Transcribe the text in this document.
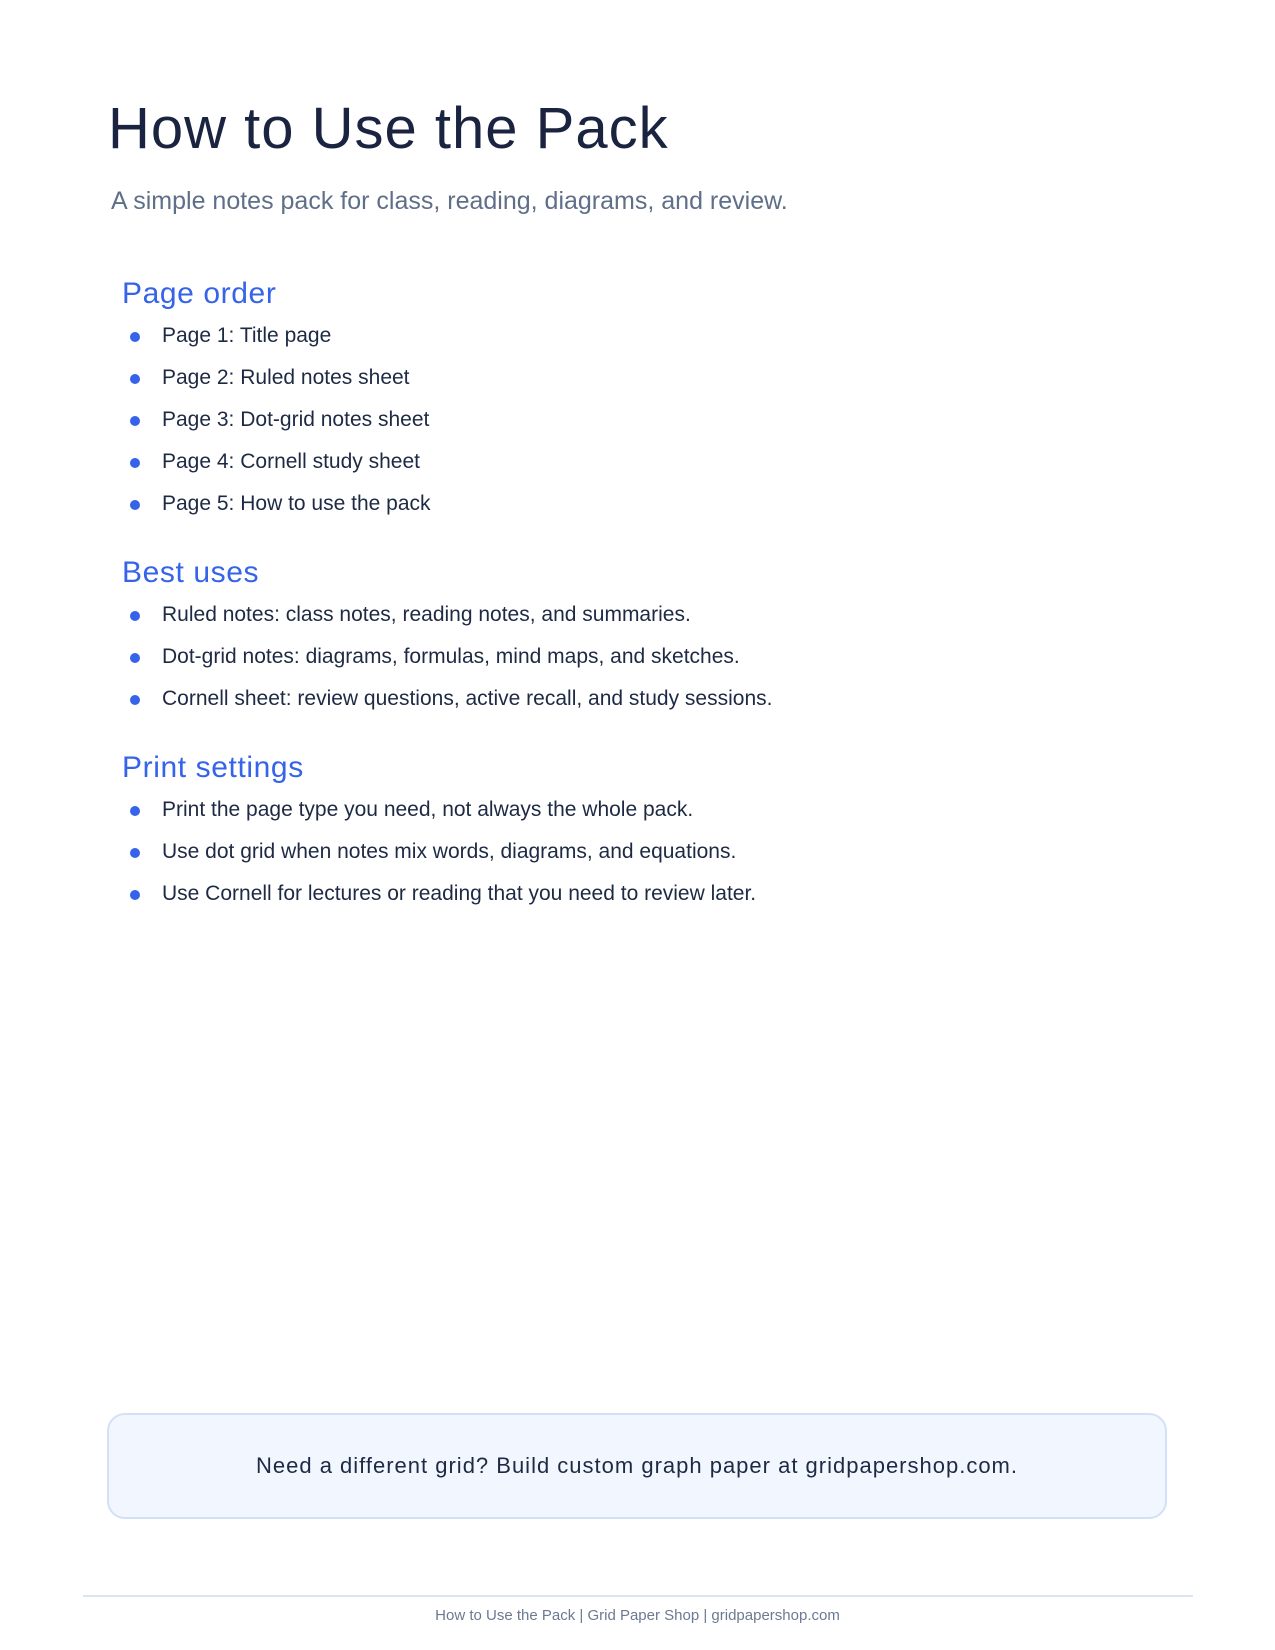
How to Use the Pack

A simple notes pack for class, reading, diagrams, and review.

Page order
Page 1: Title page
Page 2: Ruled notes sheet
Page 3: Dot-grid notes sheet
Page 4: Cornell study sheet
Page 5: How to use the pack
Best uses
Ruled notes: class notes, reading notes, and summaries.
Dot-grid notes: diagrams, formulas, mind maps, and sketches.
Cornell sheet: review questions, active recall, and study sessions.
Print settings
Print the page type you need, not always the whole pack.
Use dot grid when notes mix words, diagrams, and equations.
Use Cornell for lectures or reading that you need to review later.
Need a different grid? Build custom graph paper at gridpapershop.com.
How to Use the Pack | Grid Paper Shop | gridpapershop.com
